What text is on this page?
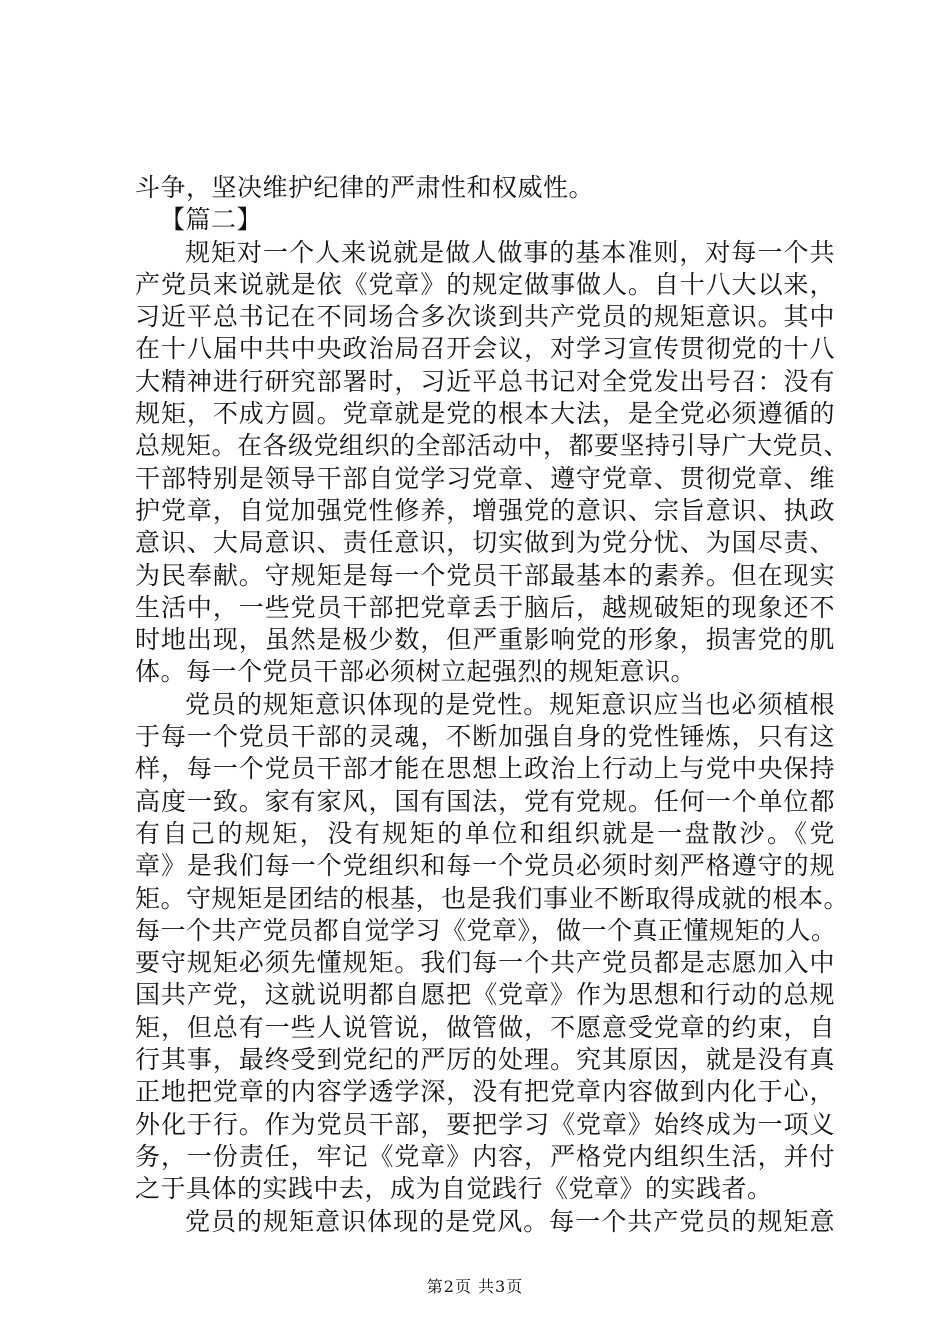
斗争，坚决维护纪律的严肃性和权威性。
【篇二】
规矩对一个人来说就是做人做事的基本准则，对每一个共
产党员来说就是依《党章》的规定做事做人。自十八大以来，
习近平总书记在不同场合多次谈到共产党员的规矩意识。其中
在十八届中共中央政治局召开会议，对学习宣传贯彻党的十八
大精神进行研究部署时，习近平总书记对全党发出号召：没有
规矩，不成方圆。党章就是党的根本大法，是全党必须遵循的
总规矩。在各级党组织的全部活动中，都要坚持引导广大党员、
干部特别是领导干部自觉学习党章、遵守党章、贯彻党章、维
护党章，自觉加强党性修养，增强党的意识、宗旨意识、执政
意识、大局意识、责任意识，切实做到为党分忧、为国尽责、
为民奉献。守规矩是每一个党员干部最基本的素养。但在现实
生活中，一些党员干部把党章丢于脑后，越规破矩的现象还不
时地出现，虽然是极少数，但严重影响党的形象，损害党的肌
体。每一个党员干部必须树立起强烈的规矩意识。
党员的规矩意识体现的是党性。规矩意识应当也必须植根
于每一个党员干部的灵魂，不断加强自身的党性锤炼，只有这
样，每一个党员干部才能在思想上政治上行动上与党中央保持
高度一致。家有家风，国有国法，党有党规。任何一个单位都
有自己的规矩，没有规矩的单位和组织就是一盘散沙。《党
章》是我们每一个党组织和每一个党员必须时刻严格遵守的规
矩。守规矩是团结的根基，也是我们事业不断取得成就的根本。
每一个共产党员都自觉学习《党章》，做一个真正懂规矩的人。
要守规矩必须先懂规矩。我们每一个共产党员都是志愿加入中
国共产党，这就说明都自愿把《党章》作为思想和行动的总规
矩，但总有一些人说管说，做管做，不愿意受党章的约束，自
行其事，最终受到党纪的严厉的处理。究其原因，就是没有真
正地把党章的内容学透学深，没有把党章内容做到内化于心，
外化于行。作为党员干部，要把学习《党章》始终成为一项义
务，一份责任，牢记《党章》内容，严格党内组织生活，并付
之于具体的实践中去，成为自觉践行《党章》的实践者。
党员的规矩意识体现的是党风。每一个共产党员的规矩意
第2页 共3页
